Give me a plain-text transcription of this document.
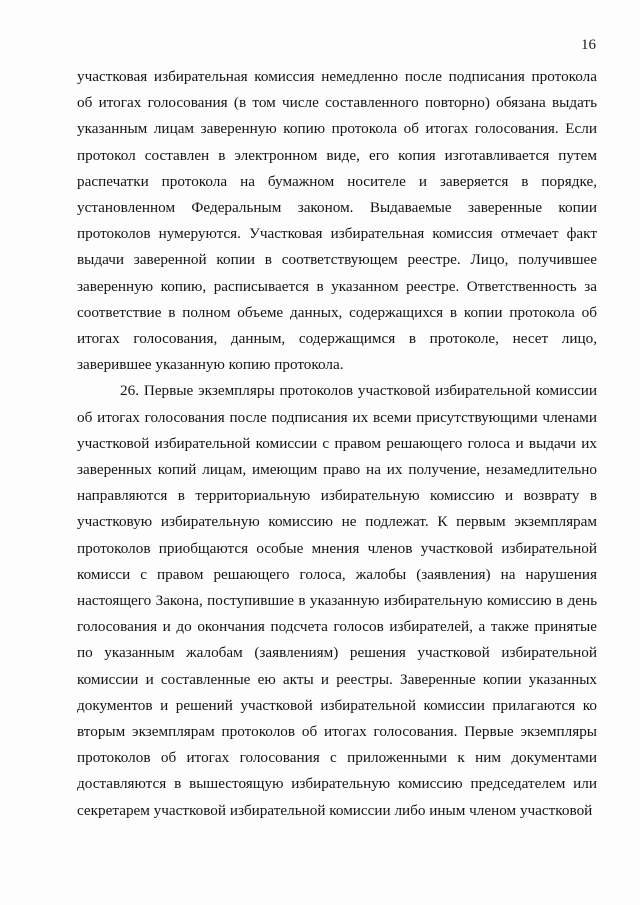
16

участковая избирательная комиссия немедленно после подписания протокола об итогах голосования (в том числе составленного повторно) обязана выдать указанным лицам заверенную копию протокола об итогах голосования. Если протокол составлен в электронном виде, его копия изготавливается путем распечатки протокола на бумажном носителе и заверяется в порядке, установленном Федеральным законом. Выдаваемые заверенные копии протоколов нумеруются. Участковая избирательная комиссия отмечает факт выдачи заверенной копии в соответствующем реестре. Лицо, получившее заверенную копию, расписывается в указанном реестре. Ответственность за соответствие в полном объеме данных, содержащихся в копии протокола об итогах голосования, данным, содержащимся в протоколе, несет лицо, заверившее указанную копию протокола.

26. Первые экземпляры протоколов участковой избирательной комиссии об итогах голосования после подписания их всеми присутствующими членами участковой избирательной комиссии с правом решающего голоса и выдачи их заверенных копий лицам, имеющим право на их получение, незамедлительно направляются в территориальную избирательную комиссию и возврату в участковую избирательную комиссию не подлежат. К первым экземплярам протоколов приобщаются особые мнения членов участковой избирательной комисси с правом решающего голоса, жалобы (заявления) на нарушения настоящего Закона, поступившие в указанную избирательную комиссию в день голосования и до окончания подсчета голосов избирателей, а также принятые по указанным жалобам (заявлениям) решения участковой избирательной комиссии и составленные ею акты и реестры. Заверенные копии указанных документов и решений участковой избирательной комиссии прилагаются ко вторым экземплярам протоколов об итогах голосования. Первые экземпляры протоколов об итогах голосования с приложенными к ним документами доставляются в вышестоящую избирательную комиссию председателем или секретарем участковой избирательной комиссии либо иным членом участковой
